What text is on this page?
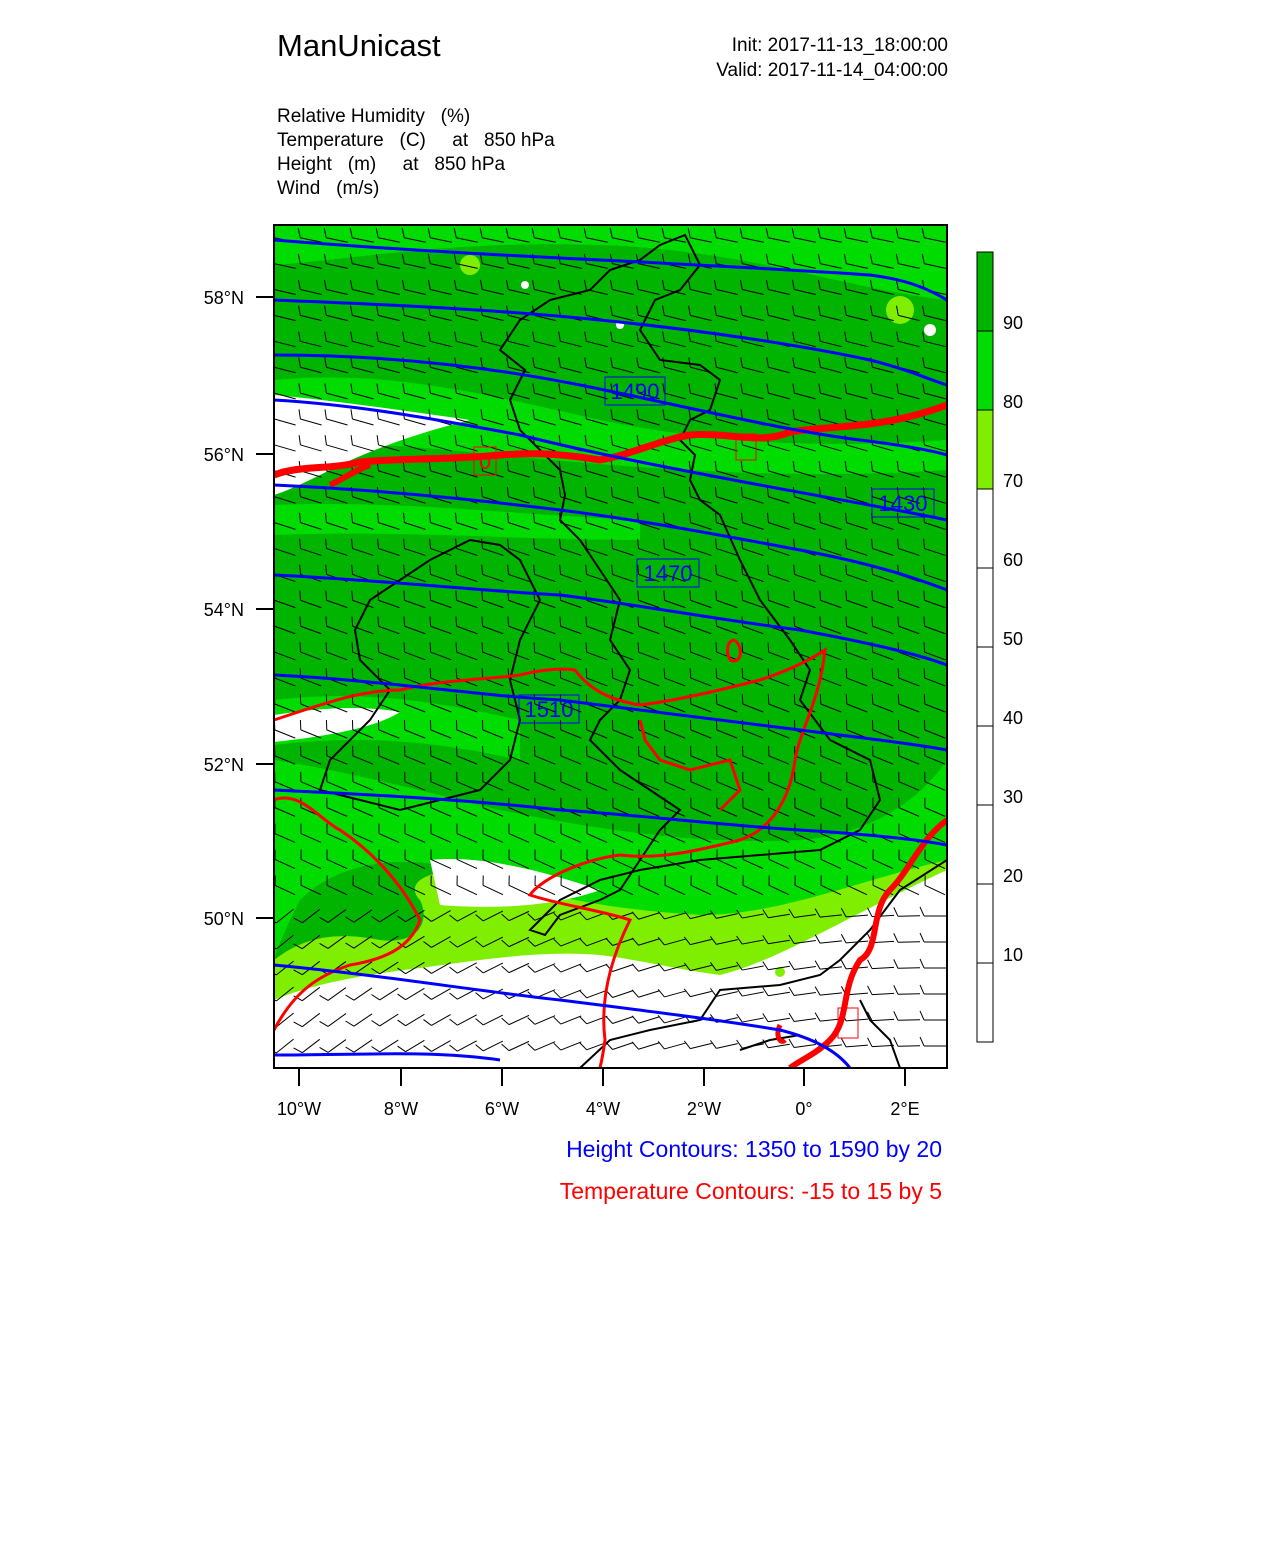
ManUnicast	Init: 2017-11-13_18:00:00
Valid: 2017-11-14_04:00:00
Relative Humidity   (%)
Temperature   (C)     at   850 hPa
Height   (m)     at   850 hPa
Wind   (m/s)
1490
1430
1470
1510
0
58°N
56°N
54°N
52°N
50°N
10°W	8°W	6°W	4°W	2°W	0°	2°E
90
80
70
60
50
40
30
20
10
Height Contours: 1350 to 1590 by 20
Temperature Contours: -15 to 15 by 5
